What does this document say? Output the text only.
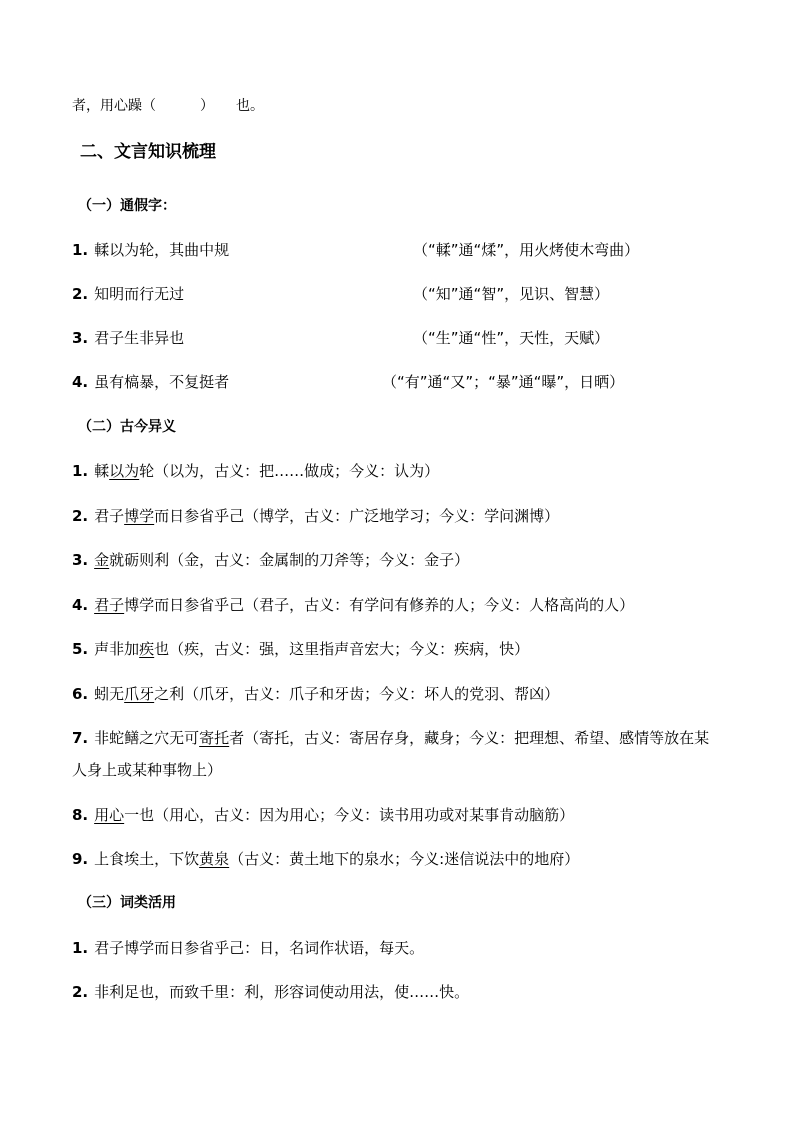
者，用心躁（	） 也。
二、文言知识梳理
（一）通假字：
1. 輮以为轮，其曲中规	（“輮”通“煣”，用火烤使木弯曲）
2. 知明而行无过	（“知”通“智”，见识、智慧）
3. 君子生非异也	（“生”通“性”，天性，天赋）
4. 虽有槁暴，不复挺者	（“有”通“又”；“暴”通“曝”，日晒）
（二）古今异义
1. 輮以为轮（以为，古义：把……做成；今义：认为）
2. 君子博学而日参省乎己（博学，古义：广泛地学习；今义：学问渊博）
3. 金就砺则利（金，古义：金属制的刀斧等；今义：金子）
4. 君子博学而日参省乎己（君子，古义：有学问有修养的人；今义：人格高尚的人）
5. 声非加疾也（疾，古义：强，这里指声音宏大；今义：疾病，快）
6. 蚓无爪牙之利（爪牙，古义：爪子和牙齿；今义：坏人的党羽、帮凶）
7. 非蛇鳝之穴无可寄托者（寄托，古义：寄居存身，藏身；今义：把理想、希望、感情等放在某人身上或某种事物上）
8. 用心一也（用心，古义：因为用心；今义：读书用功或对某事肯动脑筋）
9. 上食埃土，下饮黄泉（古义：黄土地下的泉水；今义:迷信说法中的地府）
（三）词类活用
1. 君子博学而日参省乎己：日，名词作状语，每天。
2. 非利足也，而致千里：利，形容词使动用法，使……快。
